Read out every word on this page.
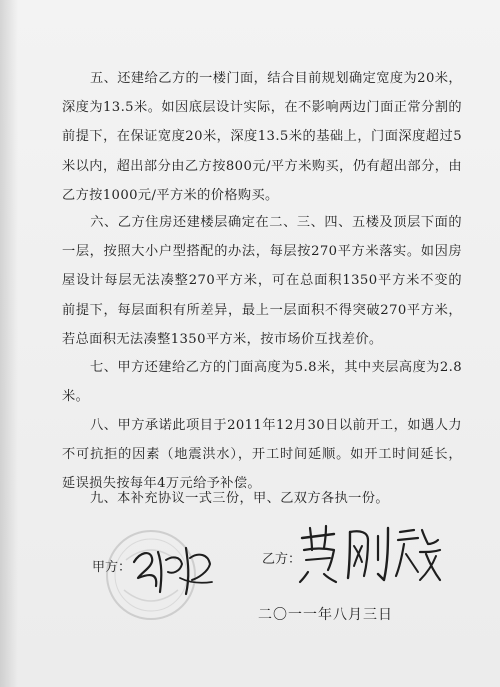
五、还建给乙方的一楼门面，结合目前规划确定宽度为20米，深度为13.5米。如因底层设计实际，在不影响两边门面正常分割的前提下，在保证宽度20米，深度13.5米的基础上，门面深度超过5米以内，超出部分由乙方按800元/平方米购买，仍有超出部分，由乙方按1000元/平方米的价格购买。

六、乙方住房还建楼层确定在二、三、四、五楼及顶层下面的一层，按照大小户型搭配的办法，每层按270平方米落实。如因房屋设计每层无法凑整270平方米，可在总面积1350平方米不变的前提下，每层面积有所差异，最上一层面积不得突破270平方米，若总面积无法凑整1350平方米，按市场价互找差价。

七、甲方还建给乙方的门面高度为5.8米，其中夹层高度为2.8米。

八、甲方承诺此项目于2011年12月30日以前开工，如遇人力不可抗拒的因素（地震洪水），开工时间延顺。如开工时间延长，延误损失按每年4万元给予补偿。

九、本补充协议一式三份，甲、乙双方各执一份。

甲方：
乙方：
二〇一一年八月三日
